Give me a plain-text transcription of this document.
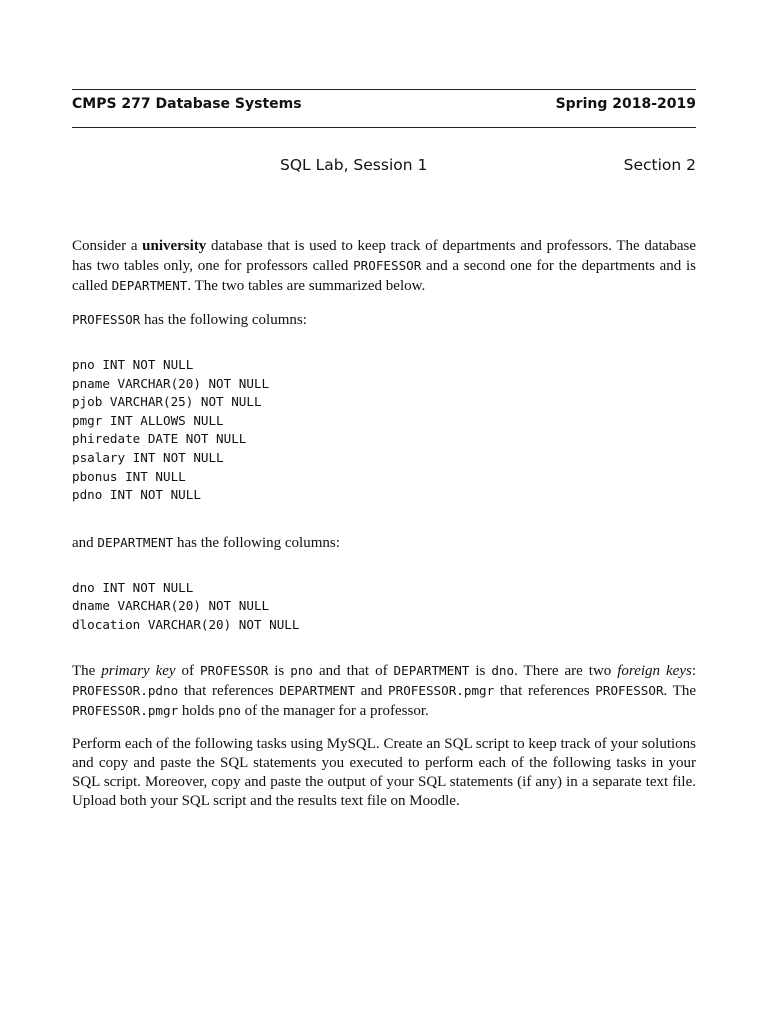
CMPS 277 Database Systems	Spring 2018-2019
SQL Lab, Session 1	Section 2

Consider a university database that is used to keep track of departments and professors. The database has two tables only, one for professors called PROFESSOR and a second one for the departments and is called DEPARTMENT. The two tables are summarized below.

PROFESSOR has the following columns:

pno INT NOT NULL
pname VARCHAR(20) NOT NULL
pjob VARCHAR(25) NOT NULL
pmgr INT ALLOWS NULL
phiredate DATE NOT NULL
psalary INT NOT NULL
pbonus INT NULL
pdno INT NOT NULL

and DEPARTMENT has the following columns:

dno INT NOT NULL
dname VARCHAR(20) NOT NULL
dlocation VARCHAR(20) NOT NULL

The primary key of PROFESSOR is pno and that of DEPARTMENT is dno. There are two foreign keys: PROFESSOR.pdno that references DEPARTMENT and PROFESSOR.pmgr that references PROFESSOR. The PROFESSOR.pmgr holds pno of the manager for a professor.

Perform each of the following tasks using MySQL. Create an SQL script to keep track of your solutions and copy and paste the SQL statements you executed to perform each of the following tasks in your SQL script. Moreover, copy and paste the output of your SQL statements (if any) in a separate text file. Upload both your SQL script and the results text file on Moodle.
